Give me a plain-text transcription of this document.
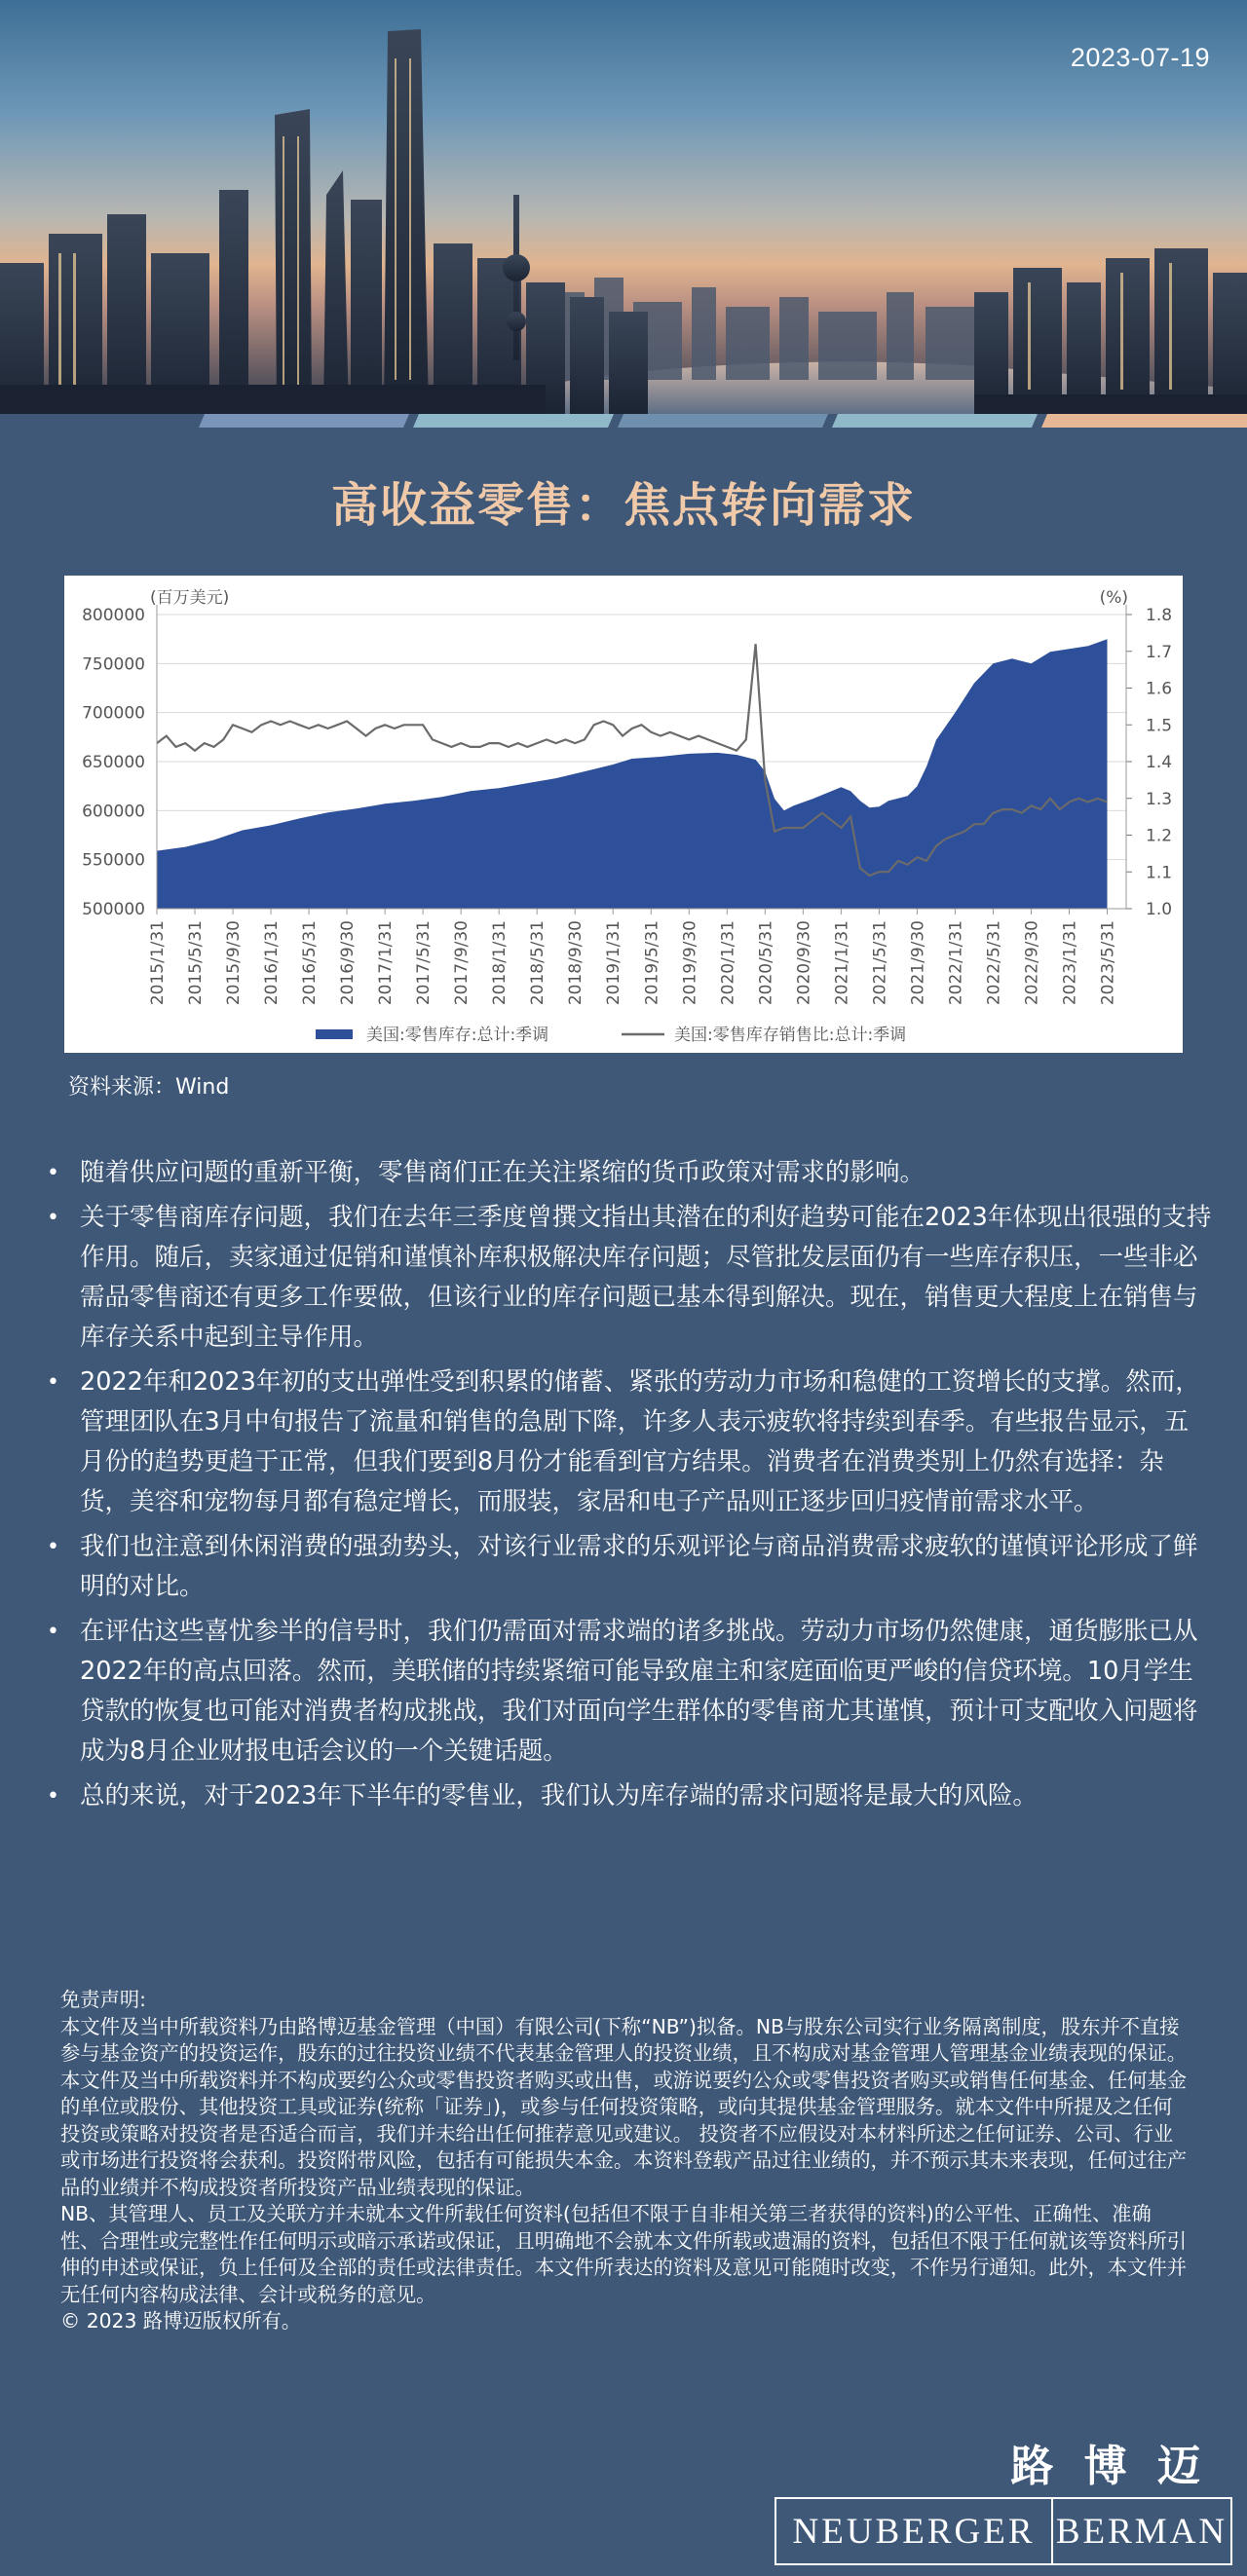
2023-07-19
高收益零售：焦点转向需求
800000
750000
700000
650000
600000
550000
500000
1.8
1.7
1.6
1.5
1.4
1.3
1.2
1.1
1.0
2015/1/31 2015/5/31 2015/9/30 2016/1/31 2016/5/31 2016/9/30 2017/1/31 2017/5/31 2017/9/30 2018/1/31 2018/5/31 2018/9/30 2019/1/31 2019/5/31 2019/9/30 2020/1/31 2020/5/31 2020/9/30 2021/1/31 2021/5/31 2021/9/30 2022/1/31 2022/5/31 2022/9/30 2023/1/31 2023/5/31
(百万美元)	(%)
美国:零售库存:总计:季调	美国:零售库存销售比:总计:季调
资料来源：Wind
• 随着供应问题的重新平衡，零售商们正在关注紧缩的货币政策对需求的影响。
• 关于零售商库存问题，我们在去年三季度曾撰文指出其潜在的利好趋势可能在2023年体现出很强的支持作用。随后，卖家通过促销和谨慎补库积极解决库存问题；尽管批发层面仍有一些库存积压，一些非必需品零售商还有更多工作要做，但该行业的库存问题已基本得到解决。现在，销售更大程度上在销售与库存关系中起到主导作用。
• 2022年和2023年初的支出弹性受到积累的储蓄、紧张的劳动力市场和稳健的工资增长的支撑。然而，管理团队在3月中旬报告了流量和销售的急剧下降，许多人表示疲软将持续到春季。有些报告显示，五月份的趋势更趋于正常，但我们要到8月份才能看到官方结果。消费者在消费类别上仍然有选择：杂货，美容和宠物每月都有稳定增长，而服装，家居和电子产品则正逐步回归疫情前需求水平。
• 我们也注意到休闲消费的强劲势头，对该行业需求的乐观评论与商品消费需求疲软的谨慎评论形成了鲜明的对比。
• 在评估这些喜忧参半的信号时，我们仍需面对需求端的诸多挑战。劳动力市场仍然健康，通货膨胀已从2022年的高点回落。然而，美联储的持续紧缩可能导致雇主和家庭面临更严峻的信贷环境。10月学生贷款的恢复也可能对消费者构成挑战，我们对面向学生群体的零售商尤其谨慎，预计可支配收入问题将成为8月企业财报电话会议的一个关键话题。
• 总的来说，对于2023年下半年的零售业，我们认为库存端的需求问题将是最大的风险。

免责声明:

本文件及当中所载资料乃由路博迈基金管理（中国）有限公司(下称“NB”)拟备。NB与股东公司实行业务隔离制度，股东并不直接参与基金资产的投资运作，股东的过往投资业绩不代表基金管理人的投资业绩，且不构成对基金管理人管理基金业绩表现的保证。本文件及当中所载资料并不构成要约公众或零售投资者购买或出售，或游说要约公众或零售投资者购买或销售任何基金、任何基金的单位或股份、其他投资工具或证券(统称「证券」)，或参与任何投资策略，或向其提供基金管理服务。就本文件中所提及之任何投资或策略对投资者是否适合而言，我们并未给出任何推荐意见或建议。 投资者不应假设对本材料所述之任何证券、公司、行业或市场进行投资将会获利。投资附带风险，包括有可能损失本金。本资料登载产品过往业绩的，并不预示其未来表现，任何过往产品的业绩并不构成投资者所投资产品业绩表现的保证。

NB、其管理人、员工及关联方并未就本文件所载任何资料(包括但不限于自非相关第三者获得的资料)的公平性、正确性、准确性、合理性或完整性作任何明示或暗示承诺或保证，且明确地不会就本文件所载或遗漏的资料，包括但不限于任何就该等资料所引伸的申述或保证，负上任何及全部的责任或法律责任。本文件所表达的资料及意见可能随时改变，不作另行通知。此外，本文件并无任何内容构成法律、会计或税务的意见。

© 2023 路博迈版权所有。

路 博 迈
NEUBERGER BERMAN
